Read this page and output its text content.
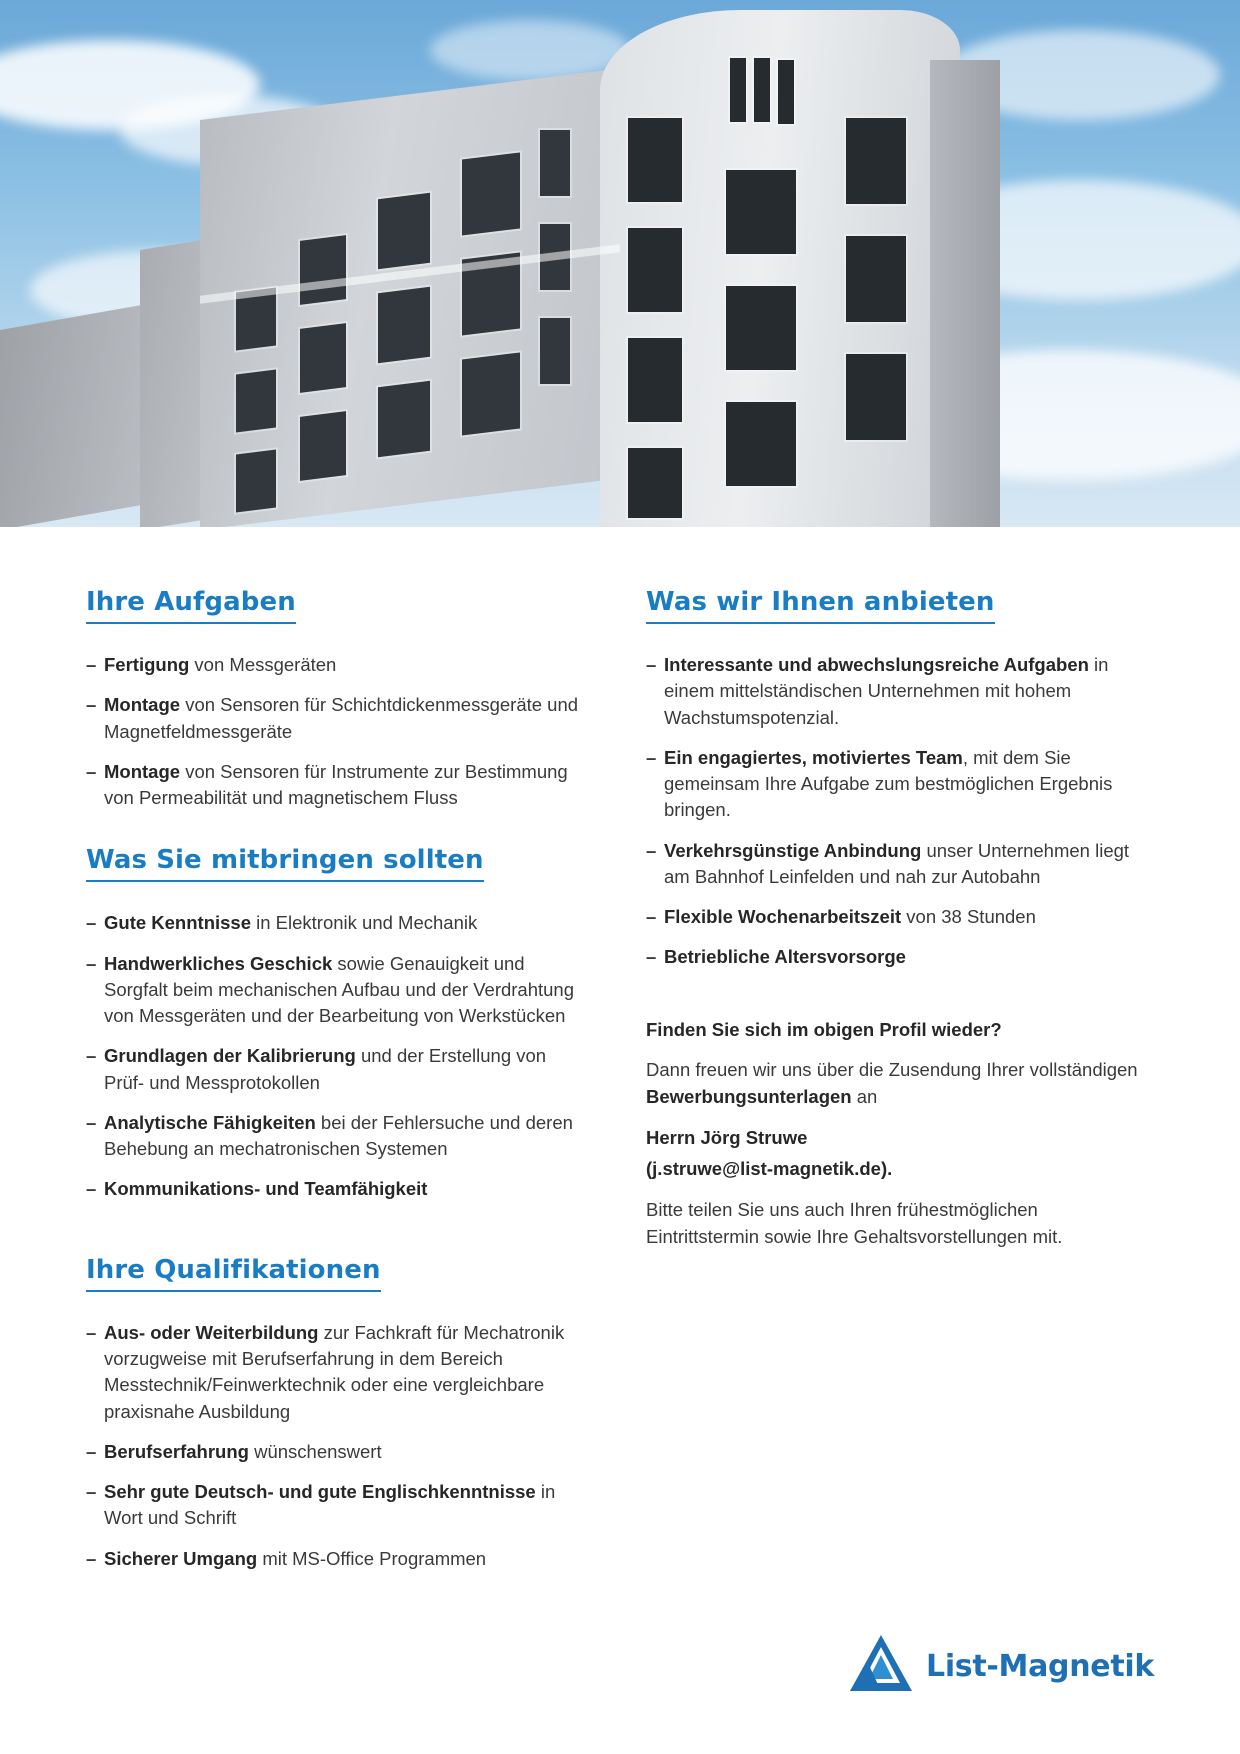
Ihre Aufgaben
– Fertigung von Messgeräten
– Montage von Sensoren für Schichtdickenmessgeräte und Magnetfeldmessgeräte
– Montage von Sensoren für Instrumente zur Bestimmung von Permeabilität und magnetischem Fluss
Was Sie mitbringen sollten
– Gute Kenntnisse in Elektronik und Mechanik
– Handwerkliches Geschick sowie Genauigkeit und Sorgfalt beim mechanischen Aufbau und der Verdrahtung von Messgeräten und der Bearbeitung von Werkstücken
– Grundlagen der Kalibrierung und der Erstellung von Prüf- und Messprotokollen
– Analytische Fähigkeiten bei der Fehlersuche und deren Behebung an mechatronischen Systemen
– Kommunikations- und Teamfähigkeit
Ihre Qualifikationen
– Aus- oder Weiterbildung zur Fachkraft für Mechatronik vorzugweise mit Berufserfahrung in dem Bereich Messtechnik/Feinwerktechnik oder eine vergleichbare praxisnahe Ausbildung
– Berufserfahrung wünschenswert
– Sehr gute Deutsch- und gute Englischkenntnisse in Wort und Schrift
– Sicherer Umgang mit MS-Office Programmen
Was wir Ihnen anbieten
– Interessante und abwechslungsreiche Aufgaben in einem mittelständischen Unternehmen mit hohem Wachstumspotenzial.
– Ein engagiertes, motiviertes Team, mit dem Sie gemeinsam Ihre Aufgabe zum bestmöglichen Ergebnis bringen.
– Verkehrsgünstige Anbindung unser Unternehmen liegt am Bahnhof Leinfelden und nah zur Autobahn
– Flexible Wochenarbeitszeit von 38 Stunden
– Betriebliche Altersvorsorge

Finden Sie sich im obigen Profil wieder?

Dann freuen wir uns über die Zusendung Ihrer vollständigen Bewerbungsunterlagen an

Herrn Jörg Struwe

(j.struwe@list-magnetik.de).

Bitte teilen Sie uns auch Ihren frühestmöglichen Eintrittstermin sowie Ihre Gehaltsvorstellungen mit.

List-Magnetik
